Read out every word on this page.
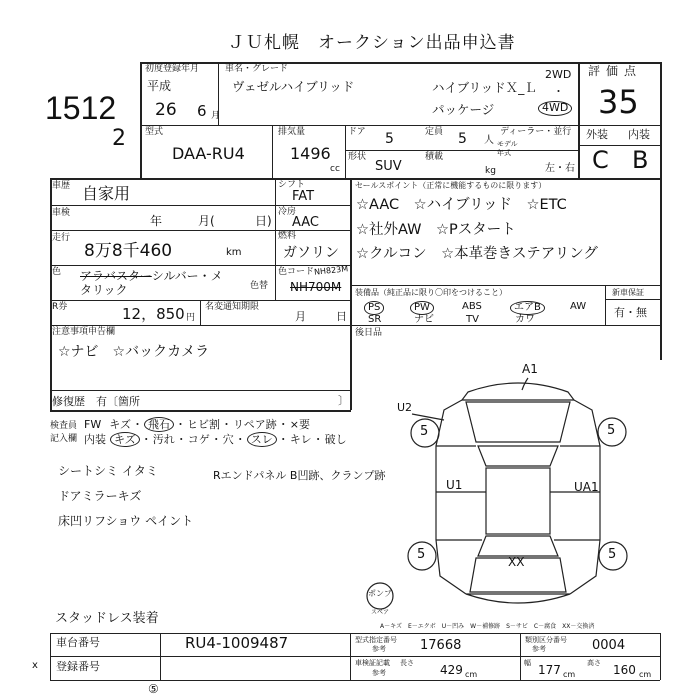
ＪＵ札幌　オークション出品申込書
1512
2
初度登録年月
平成
26 6 月
車名・グレード
ヴェゼルハイブリッド	ハイブリッドＸ_Ｌ
パッケージ
2WD
・
4WD
評価点
35
外装 内装
C B
型式
DAA-RU4
排気量
1496
cc
ドア 5	定員 5 人
ディーラー・並行
モデル
年式
形状
SUV
積載
kg	左・右
車歴 自家用
車検
年	月(	日)
走行
8万8千460	km
シフト
FAT
冷房
AAC
燃料
ガソリン
色 アラバスターシルバー・メ
タリック	色替
色コード NH823M
NH700M
R券	12，850 円
名変通知期限
月	日
注意事項申告欄
☆ナビ　☆バックカメラ
修復歴　有〔箇所	〕
セールスポイント（正常に機能するものに限ります）
☆AAC　☆ハイブリッド　☆ETC
☆社外AW　☆Pスタート
☆クルコン　☆本革巻きステアリング
装備品（純正品に限り〇印をつけること）	新車保証
PS	PW	ABS	エアB	AW
SR	ナビ	TV	カワ
有・無
後日品
検査員
記入欄
FW キズ・ 飛石 ・ヒビ割・リペア跡・×要
内装 キズ ・汚れ・コゲ・穴・ スレ ・キレ・破し
シートシミ イタミ
ドアミラーキズ
床凹リフショウ ペイント
Rエンドパネル B凹跡、クランプ跡
A1
U2
U1	UA1
XX
5	5
5	5
ポンプ
スペア
スタッドレス装着
A－キズ　E－エクボ　U－凹み　W－補修跡　S－サビ　C－腐食　XX－交換済
車台番号	RU4-1009487
登録番号
型式指定番号
参考	17668	類別区分番号
参考	0004
車検証記載 長さ
参考	429 cm
幅 177 cm
高さ 160 cm
x
⑤
